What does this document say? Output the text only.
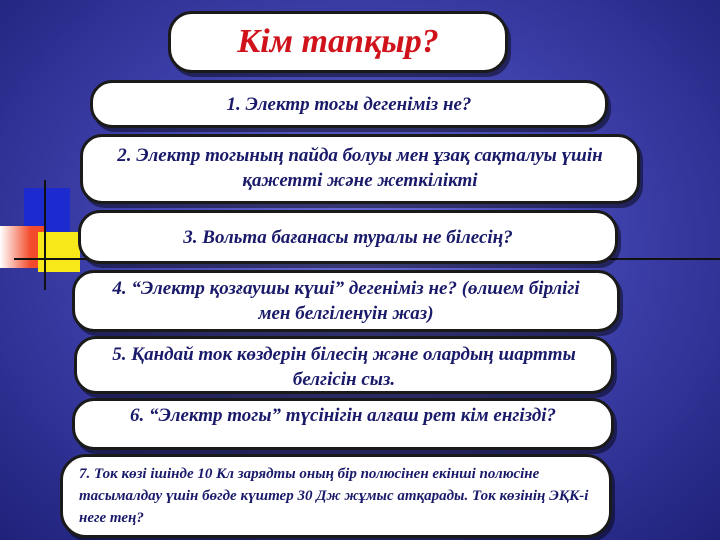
Кім тапқыр?
1. Электр тогы дегеніміз не?
2. Электр тогының пайда болуы мен ұзақ сақталуы үшін қажетті және жеткілікті
3. Вольта бағанасы туралы не білесің?
4. “Электр қозғаушы күші” дегеніміз не? (өлшем бірлігі мен белгіленуін жаз)
5. Қандай ток көздерін білесің және олардың шартты белгісін сыз.
6. “Электр тогы” түсінігін алғаш рет кім енгізді?
7. Ток көзі ішінде 10 Кл зарядты оның бір полюсінен екінші полюсіне тасымалдау үшін бөгде күштер 30 Дж жұмыс атқарады. Ток көзінің ЭҚК-і неге тең?
